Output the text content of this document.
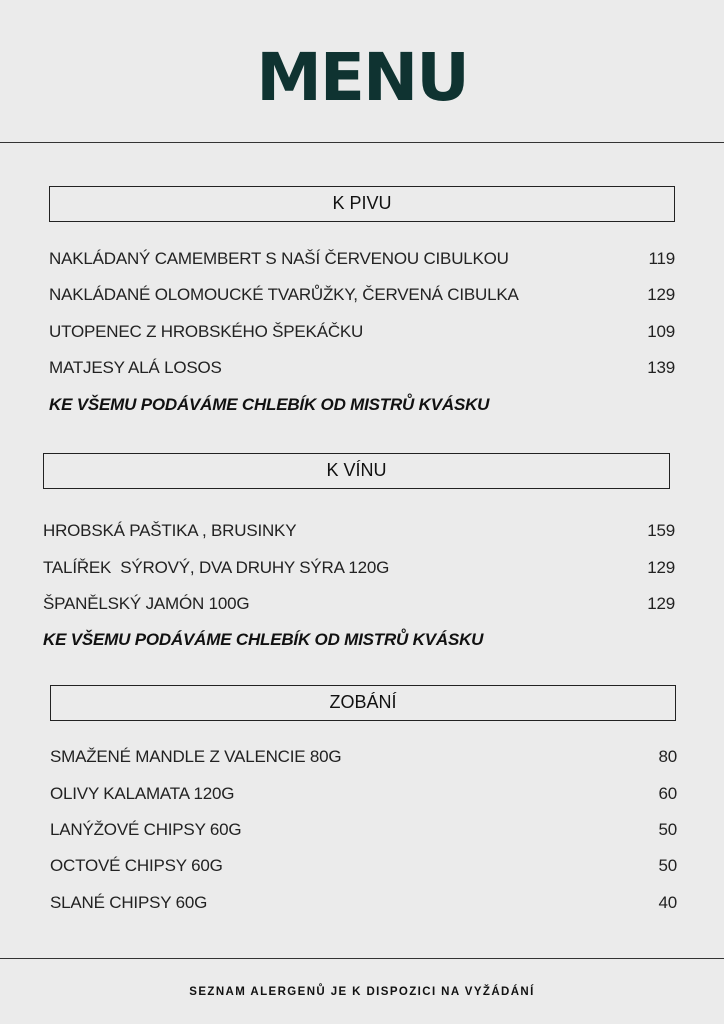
MENU
K PIVU
NAKLÁDANÝ CAMEMBERT S NAŠÍ ČERVENOU CIBULKOU	119
NAKLÁDANÉ OLOMOUCKÉ TVARŮŽKY, ČERVENÁ CIBULKA	129
UTOPENEC Z HROBSKÉHO ŠPEKÁČKU	109
MATJESY ALÁ LOSOS	139
KE VŠEMU PODÁVÁME CHLEBÍK OD MISTRŮ KVÁSKU
K VÍNU
HROBSKÁ PAŠTIKA , BRUSINKY	159
TALÍŘEK  SÝROVÝ, DVA DRUHY SÝRA 120G	129
ŠPANĚLSKÝ JAMÓN 100G	129
KE VŠEMU PODÁVÁME CHLEBÍK OD MISTRŮ KVÁSKU
ZOBÁNÍ
SMAŽENÉ MANDLE Z VALENCIE 80G	80
OLIVY KALAMATA 120G	60
LANÝŽOVÉ CHIPSY 60G	50
OCTOVÉ CHIPSY 60G	50
SLANÉ CHIPSY 60G	40
SEZNAM ALERGENŮ JE K DISPOZICI NA VYŽÁDÁNÍ
